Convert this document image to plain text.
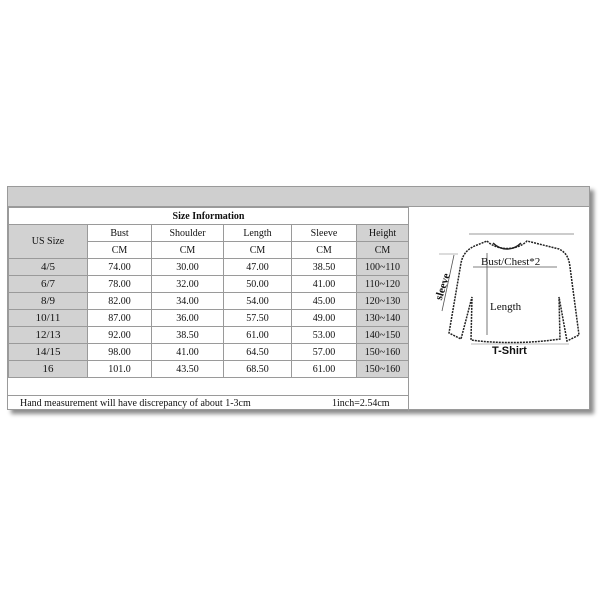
Size Information					
US Size	Bust	Shoulder	Length	Sleeve	Height
	CM	CM	CM	CM	CM
4/5	74.00	30.00	47.00	38.50	100~110
6/7	78.00	32.00	50.00	41.00	110~120
8/9	82.00	34.00	54.00	45.00	120~130
10/11	87.00	36.00	57.50	49.00	130~140
12/13	92.00	38.50	61.00	53.00	140~150
14/15	98.00	41.00	64.50	57.00	150~160
16	101.0	43.50	68.50	61.00	150~160
Hand measurement will have discrepancy of about 1-3cm	1inch=2.54cm
Bust/Chest*2
Length
sleeve
T-Shirt
